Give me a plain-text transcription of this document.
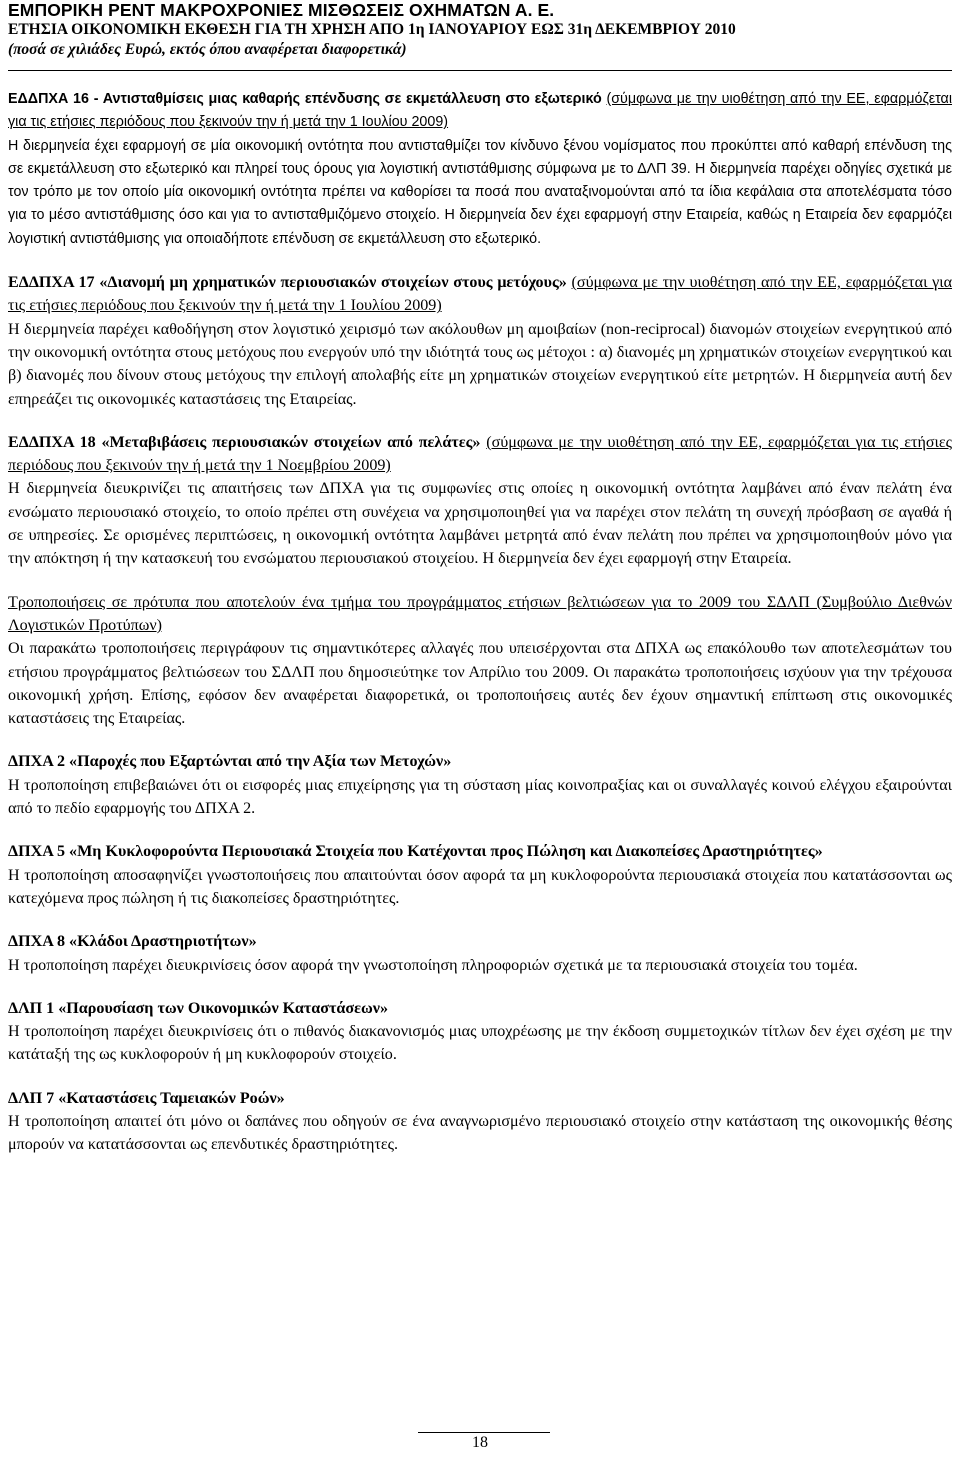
ΕΜΠΟΡΙΚΗ ΡΕΝΤ ΜΑΚΡΟΧΡΟΝΙΕΣ ΜΙΣΘΩΣΕΙΣ ΟΧΗΜΑΤΩΝ Α. Ε.
ΕΤΗΣΙΑ ΟΙΚΟΝΟΜΙΚΗ ΕΚΘΕΣΗ ΓΙΑ ΤΗ ΧΡΗΣΗ ΑΠΟ 1η ΙΑΝΟΥΑΡΙΟΥ ΕΩΣ 31η ΔΕΚΕΜΒΡΙΟΥ 2010
(ποσά σε χιλιάδες Ευρώ, εκτός όπου αναφέρεται διαφορετικά)

ΕΔΔΠΧΑ 16 - Αντισταθμίσεις μιας καθαρής επένδυσης σε εκμετάλλευση στο εξωτερικό (σύμφωνα με την υιοθέτηση από την ΕΕ, εφαρμόζεται για τις ετήσιες περιόδους που ξεκινούν την ή μετά την 1 Ιουλίου 2009)

Η διερμηνεία έχει εφαρμογή σε μία οικονομική οντότητα που αντισταθμίζει τον κίνδυνο ξένου νομίσματος που προκύπτει από καθαρή επένδυση της σε εκμετάλλευση στο εξωτερικό και πληρεί τους όρους για λογιστική αντιστάθμισης σύμφωνα με το ΔΛΠ 39. Η διερμηνεία παρέχει οδηγίες σχετικά με τον τρόπο με τον οποίο μία οικονομική οντότητα πρέπει να καθορίσει τα ποσά που αναταξινομούνται από τα ίδια κεφάλαια στα αποτελέσματα τόσο για το μέσο αντιστάθμισης όσο και για το αντισταθμιζόμενο στοιχείο. Η διερμηνεία δεν έχει εφαρμογή στην Εταιρεία, καθώς η Εταιρεία δεν εφαρμόζει λογιστική αντιστάθμισης για οποιαδήποτε επένδυση σε εκμετάλλευση στο εξωτερικό.

ΕΔΔΠΧΑ 17 «Διανομή μη χρηματικών περιουσιακών στοιχείων στους μετόχους» (σύμφωνα με την υιοθέτηση από την ΕΕ, εφαρμόζεται για τις ετήσιες περιόδους που ξεκινούν την ή μετά την 1 Ιουλίου 2009)

Η διερμηνεία παρέχει καθοδήγηση στον λογιστικό χειρισμό των ακόλουθων μη αμοιβαίων (non-reciprocal) διανομών στοιχείων ενεργητικού από την οικονομική οντότητα στους μετόχους που ενεργούν υπό την ιδιότητά τους ως μέτοχοι : α) διανομές μη χρηματικών στοιχείων ενεργητικού και β) διανομές που δίνουν στους μετόχους την επιλογή απολαβής είτε μη χρηματικών στοιχείων ενεργητικού είτε μετρητών. Η διερμηνεία αυτή δεν επηρεάζει τις οικονομικές καταστάσεις της Εταιρείας.

ΕΔΔΠΧΑ 18 «Μεταβιβάσεις περιουσιακών στοιχείων από πελάτες» (σύμφωνα με την υιοθέτηση από την ΕΕ, εφαρμόζεται για τις ετήσιες περιόδους που ξεκινούν την ή μετά την 1 Νοεμβρίου 2009)

Η διερμηνεία διευκρινίζει τις απαιτήσεις των ΔΠΧΑ για τις συμφωνίες στις οποίες η οικονομική οντότητα λαμβάνει από έναν πελάτη ένα ενσώματο περιουσιακό στοιχείο, το οποίο πρέπει στη συνέχεια να χρησιμοποιηθεί για να παρέχει στον πελάτη τη συνεχή πρόσβαση σε αγαθά ή σε υπηρεσίες. Σε ορισμένες περιπτώσεις, η οικονομική οντότητα λαμβάνει μετρητά από έναν πελάτη που πρέπει να χρησιμοποιηθούν μόνο για την απόκτηση ή την κατασκευή του ενσώματου περιουσιακού στοιχείου. Η διερμηνεία δεν έχει εφαρμογή στην Εταιρεία.

Τροποποιήσεις σε πρότυπα που αποτελούν ένα τμήμα του προγράμματος ετήσιων βελτιώσεων για το 2009 του ΣΔΛΠ (Συμβούλιο Διεθνών Λογιστικών Προτύπων)

Οι παρακάτω τροποποιήσεις περιγράφουν τις σημαντικότερες αλλαγές που υπεισέρχονται στα ΔΠΧΑ ως επακόλουθο των αποτελεσμάτων του ετήσιου προγράμματος βελτιώσεων του ΣΔΛΠ που δημοσιεύτηκε τον Απρίλιο του 2009. Οι παρακάτω τροποποιήσεις ισχύουν για την τρέχουσα οικονομική χρήση. Επίσης, εφόσον δεν αναφέρεται διαφορετικά, οι τροποποιήσεις αυτές δεν έχουν σημαντική επίπτωση στις οικονομικές καταστάσεις της Εταιρείας.

ΔΠΧΑ 2 «Παροχές που Εξαρτώνται από την Αξία των Μετοχών»

Η τροποποίηση επιβεβαιώνει ότι οι εισφορές μιας επιχείρησης για τη σύσταση μίας κοινοπραξίας και οι συναλλαγές κοινού ελέγχου εξαιρούνται από το πεδίο εφαρμογής του ΔΠΧΑ 2.

ΔΠΧΑ 5 «Μη Κυκλοφορούντα Περιουσιακά Στοιχεία που Κατέχονται προς Πώληση και Διακοπείσες Δραστηριότητες»

Η τροποποίηση αποσαφηνίζει γνωστοποιήσεις που απαιτούνται όσον αφορά τα μη κυκλοφορούντα περιουσιακά στοιχεία που κατατάσσονται ως κατεχόμενα προς πώληση ή τις διακοπείσες δραστηριότητες.

ΔΠΧΑ 8 «Κλάδοι Δραστηριοτήτων»

Η τροποποίηση παρέχει διευκρινίσεις όσον αφορά την γνωστοποίηση πληροφοριών σχετικά με τα περιουσιακά στοιχεία του τομέα.

ΔΛΠ 1 «Παρουσίαση των Οικονομικών Καταστάσεων»

Η τροποποίηση παρέχει διευκρινίσεις ότι ο πιθανός διακανονισμός μιας υποχρέωσης με την έκδοση συμμετοχικών τίτλων δεν έχει σχέση με την κατάταξή της ως κυκλοφορούν ή μη κυκλοφορούν στοιχείο.

ΔΛΠ 7 «Καταστάσεις Ταμειακών Ροών»

Η τροποποίηση απαιτεί ότι μόνο οι δαπάνες που οδηγούν σε ένα αναγνωρισμένο περιουσιακό στοιχείο στην κατάσταση της οικονομικής θέσης μπορούν να κατατάσσονται ως επενδυτικές δραστηριότητες.

18
